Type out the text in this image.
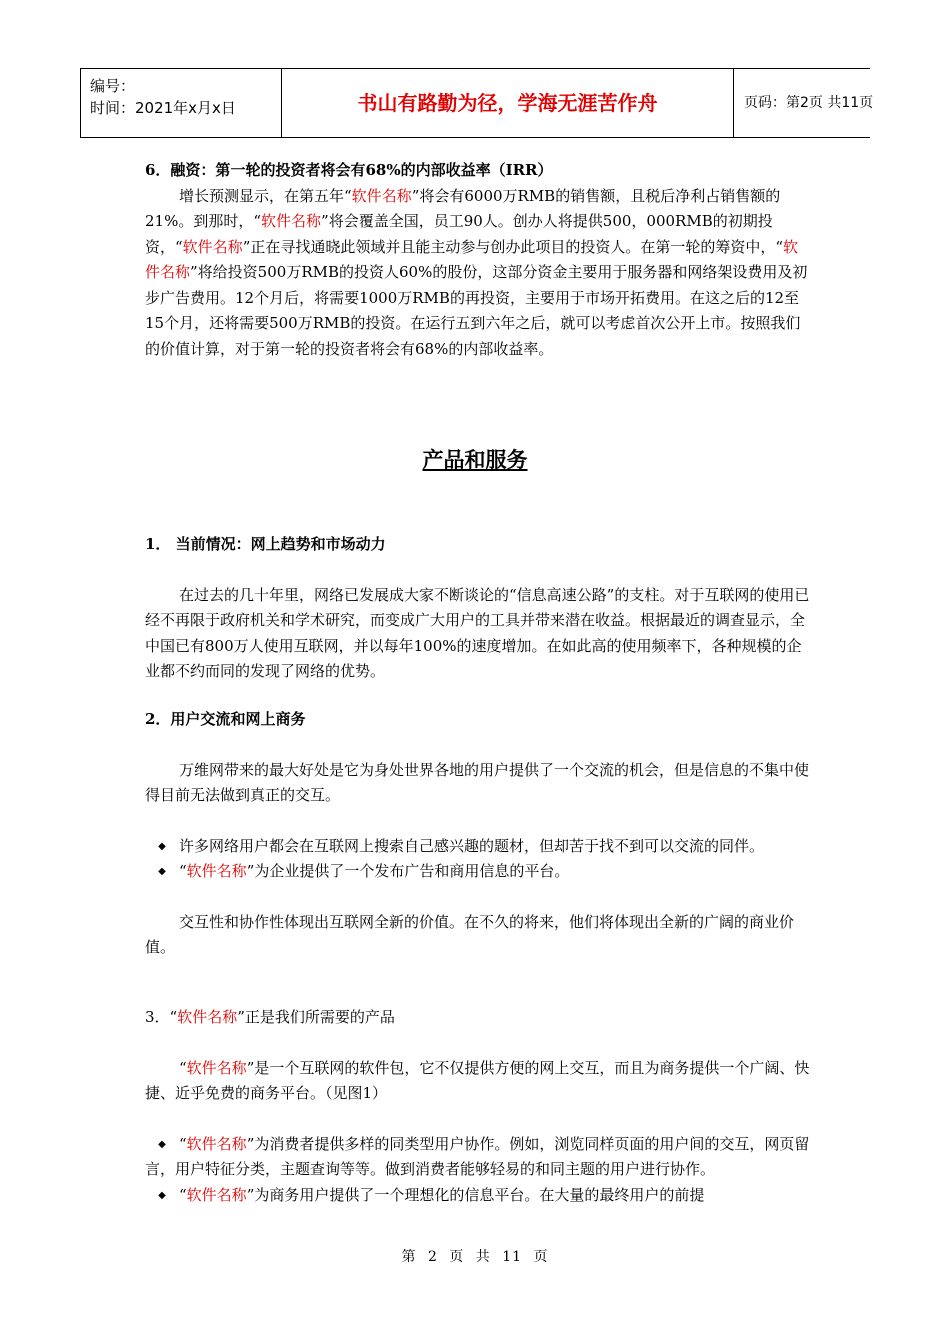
编号：
时间：2021年x月x日	书山有路勤为径，学海无涯苦作舟	页码：第2页 共11页

6．融资：第一轮的投资者将会有68%的内部收益率（IRR）

增长预测显示，在第五年“软件名称”将会有6000万RMB的销售额，且税后净利占销售额的21%。到那时，“软件名称”将会覆盖全国，员工90人。创办人将提供500，000RMB的初期投资，“软件名称”正在寻找通晓此领域并且能主动参与创办此项目的投资人。在第一轮的筹资中，“软件名称”将给投资500万RMB的投资人60%的股份，这部分资金主要用于服务器和网络架设费用及初步广告费用。12个月后，将需要1000万RMB的再投资，主要用于市场开拓费用。在这之后的12至15个月，还将需要500万RMB的投资。在运行五到六年之后，就可以考虑首次公开上市。按照我们的价值计算，对于第一轮的投资者将会有68%的内部收益率。

产品和服务

1． 当前情况：网上趋势和市场动力

在过去的几十年里，网络已发展成大家不断谈论的“信息高速公路”的支柱。对于互联网的使用已经不再限于政府机关和学术研究，而变成广大用户的工具并带来潜在收益。根据最近的调查显示，全中国已有800万人使用互联网，并以每年100%的速度增加。在如此高的使用频率下，各种规模的企业都不约而同的发现了网络的优势。

2．用户交流和网上商务

万维网带来的最大好处是它为身处世界各地的用户提供了一个交流的机会，但是信息的不集中使得目前无法做到真正的交互。

◆ 许多网络用户都会在互联网上搜索自己感兴趣的题材，但却苦于找不到可以交流的同伴。

◆ “软件名称”为企业提供了一个发布广告和商用信息的平台。

交互性和协作性体现出互联网全新的价值。在不久的将来，他们将体现出全新的广阔的商业价值。

3．“软件名称”正是我们所需要的产品

“软件名称”是一个互联网的软件包，它不仅提供方便的网上交互，而且为商务提供一个广阔、快捷、近乎免费的商务平台。（见图1）

◆ “软件名称”为消费者提供多样的同类型用户协作。例如，浏览同样页面的用户间的交互，网页留言，用户特征分类，主题查询等等。做到消费者能够轻易的和同主题的用户进行协作。

◆ “软件名称”为商务用户提供了一个理想化的信息平台。在大量的最终用户的前提

第 2 页 共 11 页
